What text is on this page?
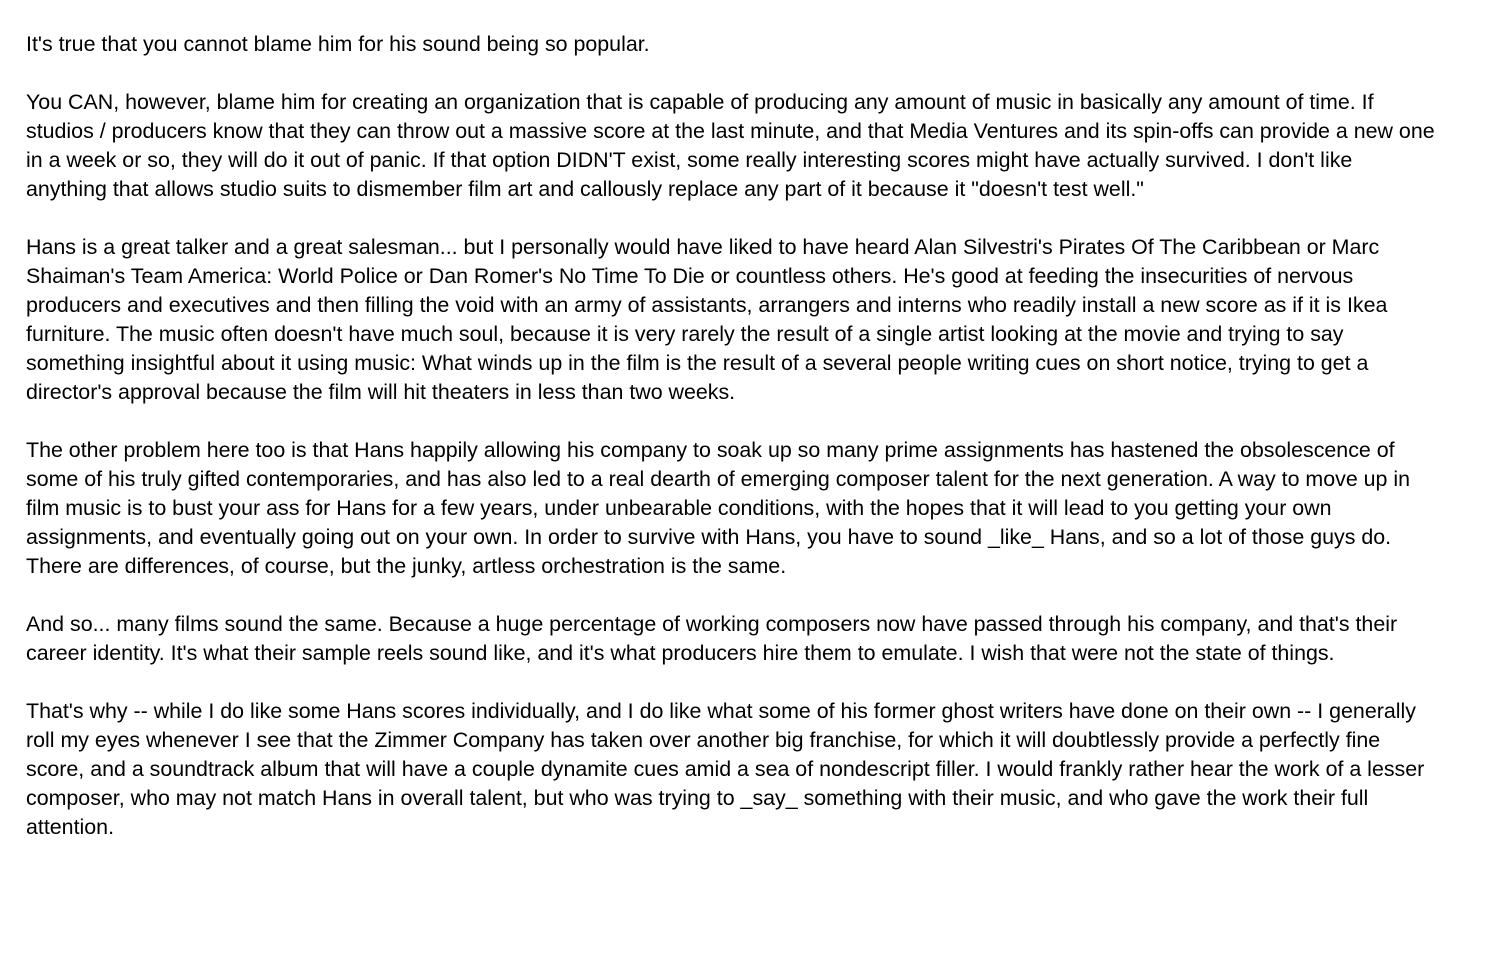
It's true that you cannot blame him for his sound being so popular.

You CAN, however, blame him for creating an organization that is capable of producing any amount of music in basically any amount of time. If studios / producers know that they can throw out a massive score at the last minute, and that Media Ventures and its spin-offs can provide a new one in a week or so, they will do it out of panic. If that option DIDN'T exist, some really interesting scores might have actually survived. I don't like anything that allows studio suits to dismember film art and callously replace any part of it because it "doesn't test well."

Hans is a great talker and a great salesman... but I personally would have liked to have heard Alan Silvestri's Pirates Of The Caribbean or Marc Shaiman's Team America: World Police or Dan Romer's No Time To Die or countless others. He's good at feeding the insecurities of nervous producers and executives and then filling the void with an army of assistants, arrangers and interns who readily install a new score as if it is Ikea furniture. The music often doesn't have much soul, because it is very rarely the result of a single artist looking at the movie and trying to say something insightful about it using music: What winds up in the film is the result of a several people writing cues on short notice, trying to get a director's approval because the film will hit theaters in less than two weeks.

The other problem here too is that Hans happily allowing his company to soak up so many prime assignments has hastened the obsolescence of some of his truly gifted contemporaries, and has also led to a real dearth of emerging composer talent for the next generation. A way to move up in film music is to bust your ass for Hans for a few years, under unbearable conditions, with the hopes that it will lead to you getting your own assignments, and eventually going out on your own. In order to survive with Hans, you have to sound _like_ Hans, and so a lot of those guys do. There are differences, of course, but the junky, artless orchestration is the same.

And so... many films sound the same. Because a huge percentage of working composers now have passed through his company, and that's their career identity. It's what their sample reels sound like, and it's what producers hire them to emulate. I wish that were not the state of things.

That's why -- while I do like some Hans scores individually, and I do like what some of his former ghost writers have done on their own -- I generally roll my eyes whenever I see that the Zimmer Company has taken over another big franchise, for which it will doubtlessly provide a perfectly fine score, and a soundtrack album that will have a couple dynamite cues amid a sea of nondescript filler. I would frankly rather hear the work of a lesser composer, who may not match Hans in overall talent, but who was trying to _say_ something with their music, and who gave the work their full attention.
